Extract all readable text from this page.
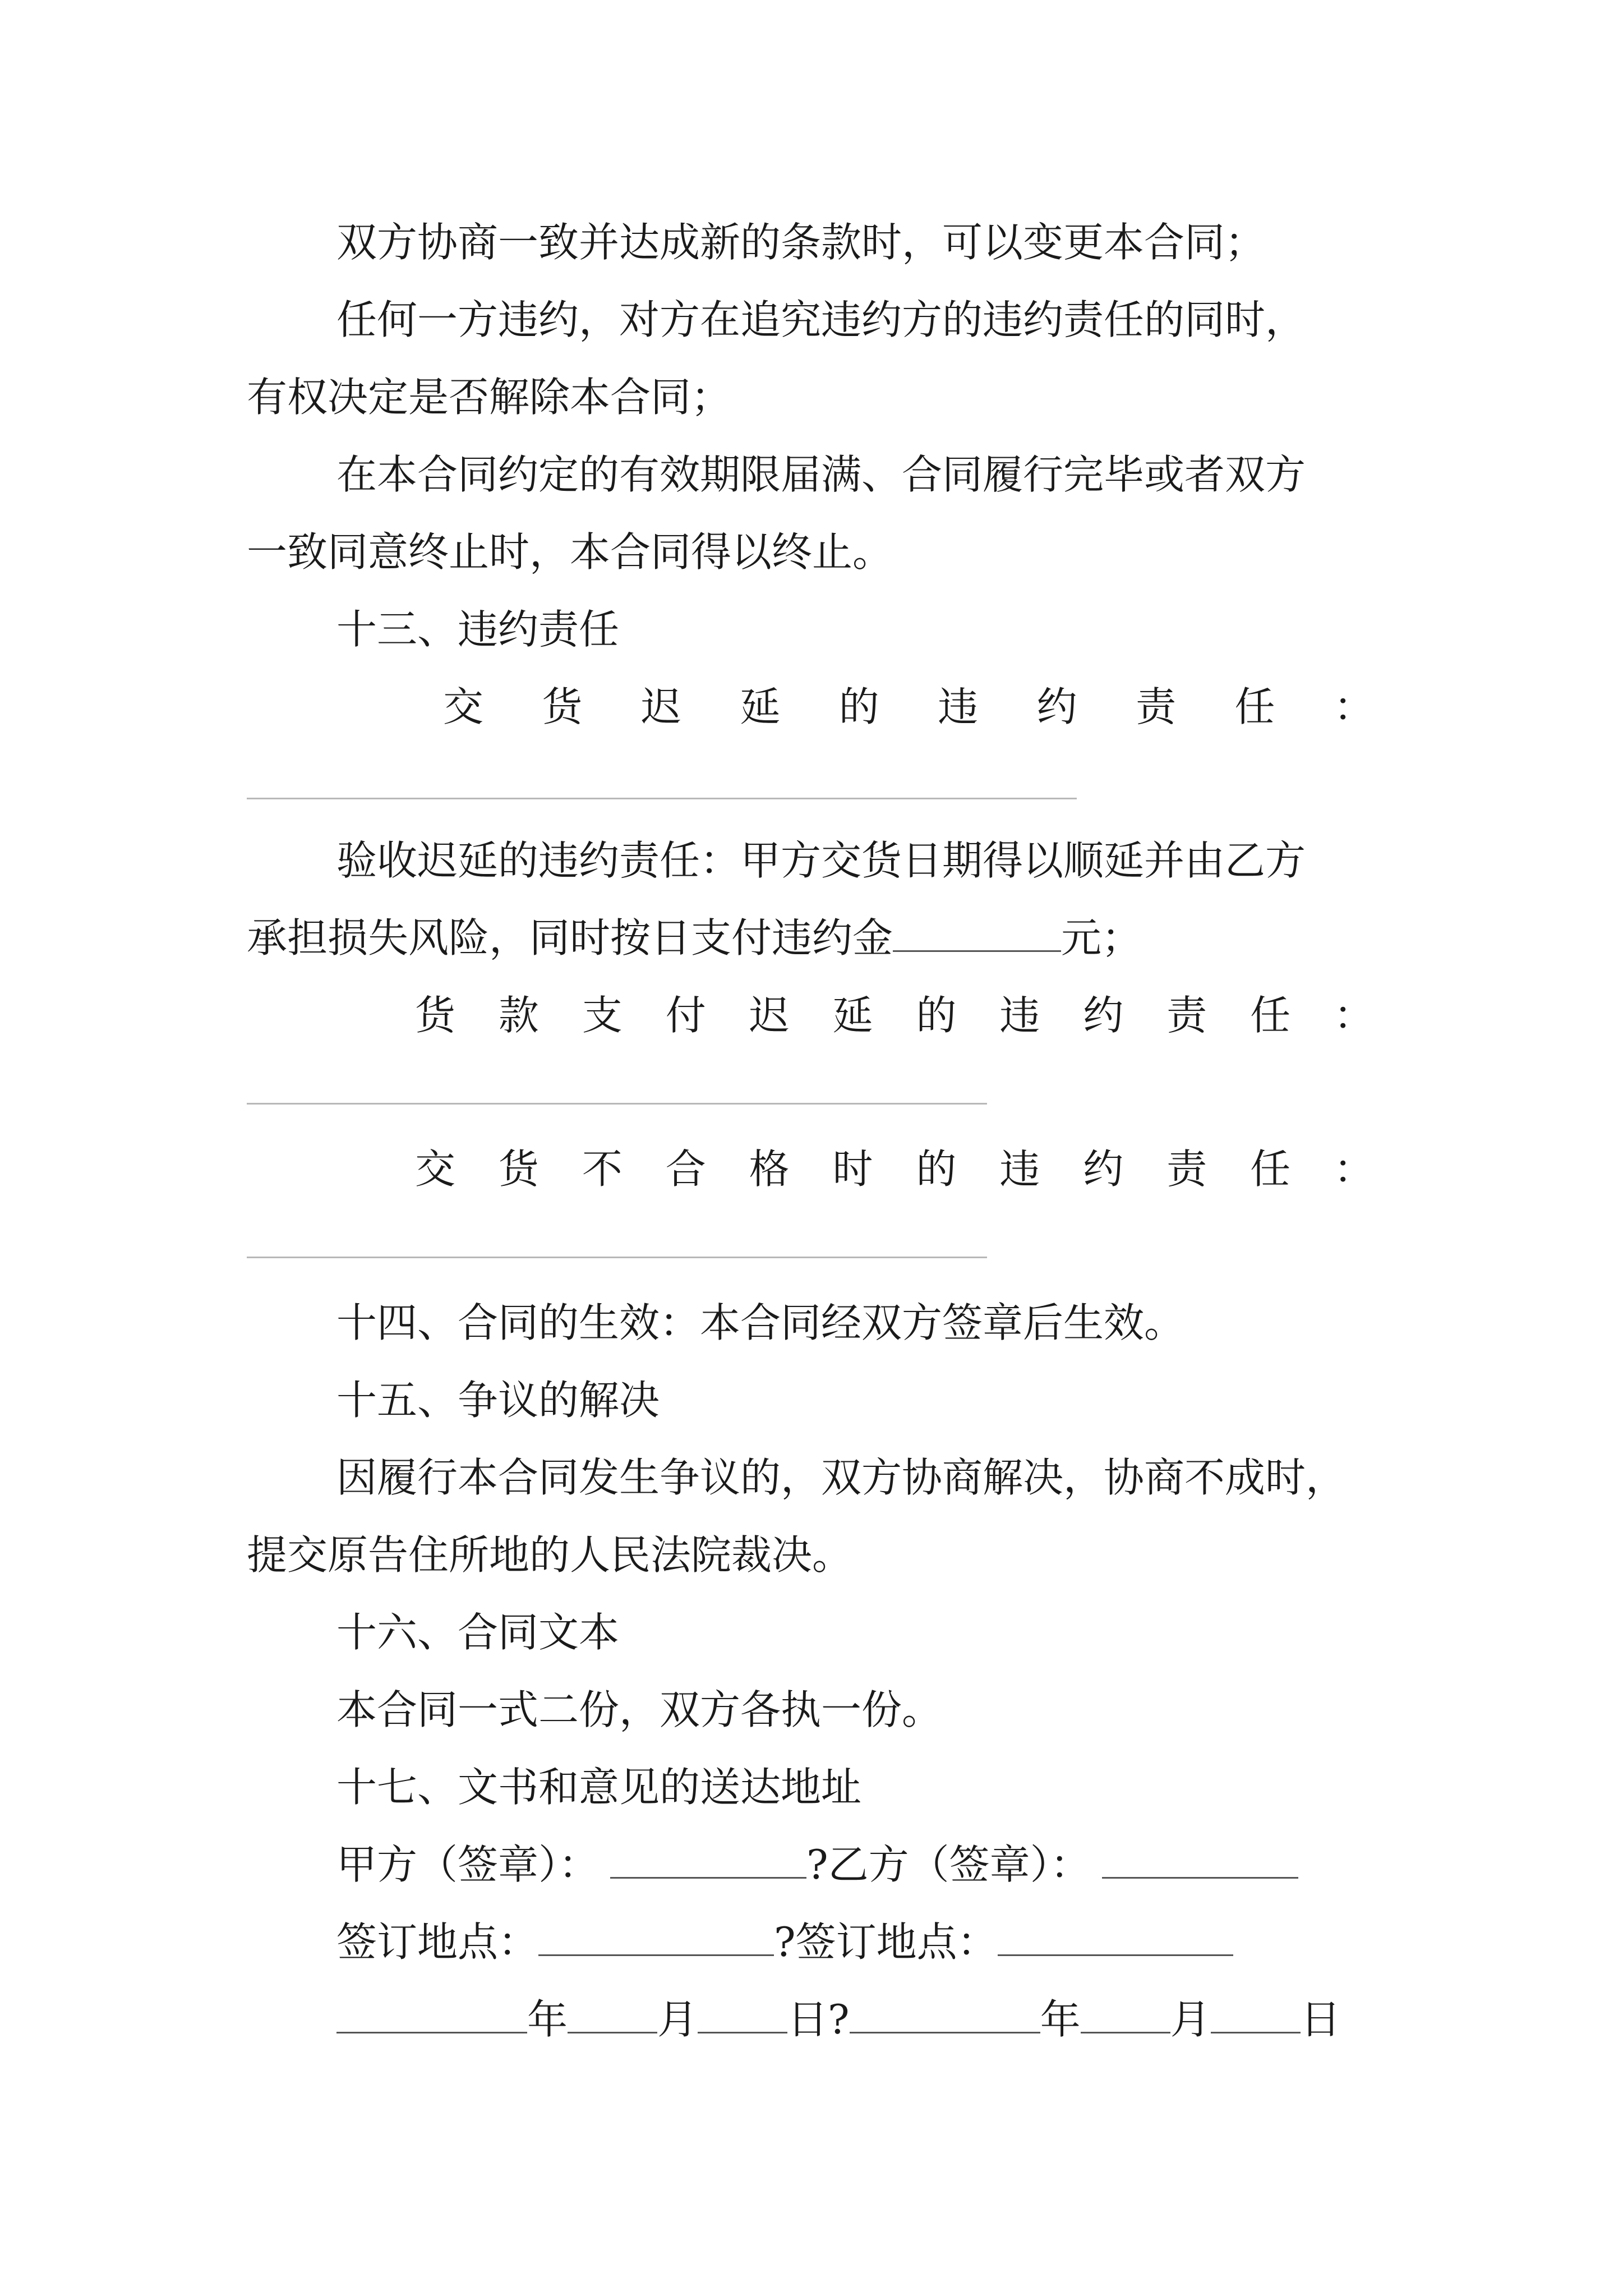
双方协商一致并达成新的条款时，可以变更本合同；

任何一方违约，对方在追究违约方的违约责任的同时，

有权决定是否解除本合同；

在本合同约定的有效期限届满、合同履行完毕或者双方

一致同意终止时，本合同得以终止。

十三、违约责任

交 货 迟 延 的 违 约 责 任 ：

验收迟延的违约责任：甲方交货日期得以顺延并由乙方

承担损失风险，同时按日支付违约金	元；

货 款 支 付 迟 延 的 违 约 责 任 ：
交 货 不 合 格 时 的 违 约 责 任 ：

十四、合同的生效：本合同经双方签章后生效。

十五、争议的解决

因履行本合同发生争议的，双方协商解决，协商不成时，

提交原告住所地的人民法院裁决。

十六、合同文本

本合同一式二份，双方各执一份。

十七、文书和意见的送达地址

甲方（签章）：	?乙方（签章）：

签订地点：	?签订地点：

年 月 日?	年 月 日
